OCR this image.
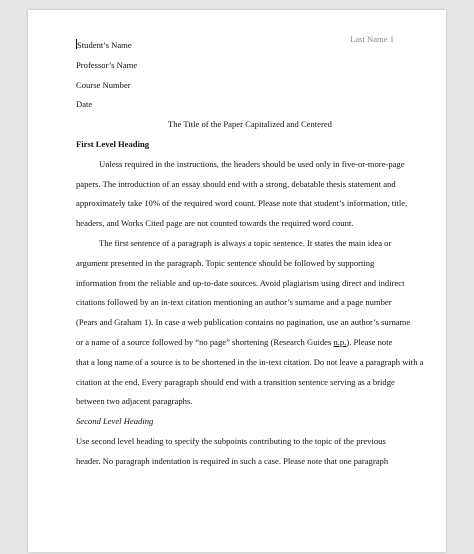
Last Name 1
Student’s Name
Professor’s Name
Course Number
Date
The Title of the Paper Capitalized and Centered
First Level Heading
Unless required in the instructions, the headers should be used only in five-or-more-page
papers. The introduction of an essay should end with a strong, debatable thesis statement and
approximately take 10% of the required word count. Please note that student’s information, title,
headers, and Works Cited page are not counted towards the required word count.
The first sentence of a paragraph is always a topic sentence. It states the main idea or
argument presented in the paragraph. Topic sentence should be followed by supporting
information from the reliable and up-to-date sources. Avoid plagiarism using direct and indirect
citations followed by an in-text citation mentioning an author’s surname and a page number
(Pears and Graham 1). In case a web publication contains no pagination, use an author’s surname
or a name of a source followed by “no page” shortening (Research Guides n.p.). Please note
that a long name of a source is to be shortened in the in-text citation. Do not leave a paragraph with a
citation at the end. Every paragraph should end with a transition sentence serving as a bridge
between two adjacent paragraphs.
Second Level Heading
Use second level heading to specify the subpoints contributing to the topic of the previous
header. No paragraph indentation is required in such a case. Please note that one paragraph
